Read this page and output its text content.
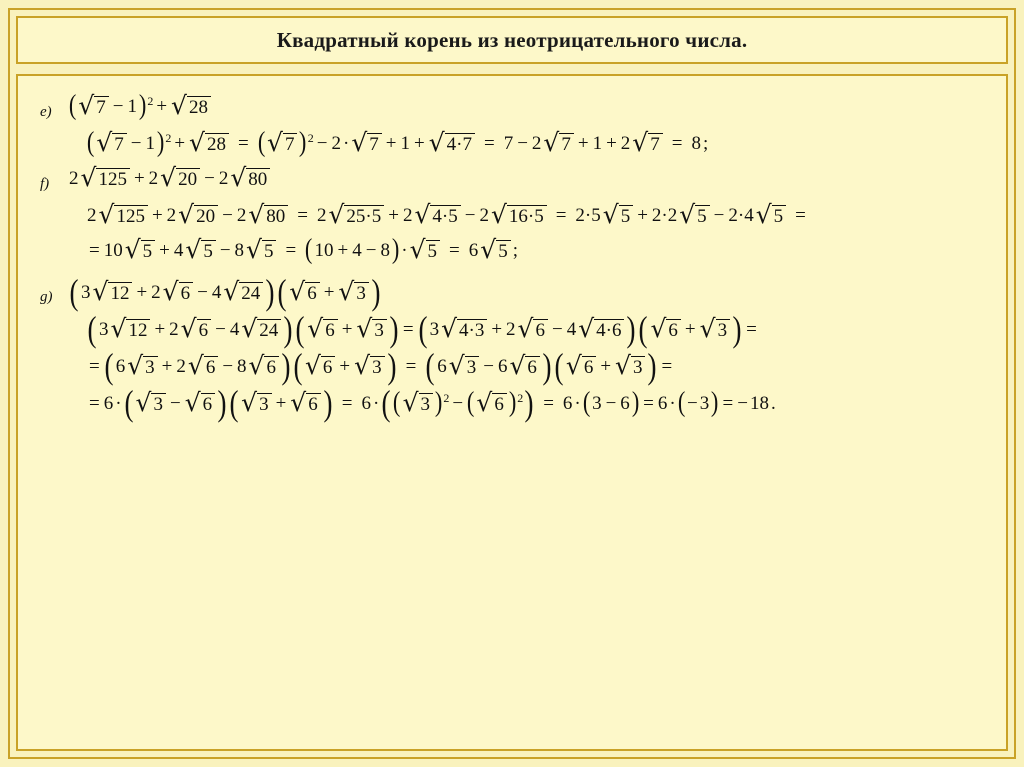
Квадратный корень из неотрицательного числа.
e) ( √ 7 − 1 ) 2 + √ 28
( √ 7 − 1 ) 2 + √ 28 = ( √ 7 ) 2 − 2 · √ 7 + 1 + √ 4·7 = 7 − 2 √ 7 + 1 + 2 √ 7 = 8 ;
f)	2 √ 125 + 2 √ 20 − 2 √ 80
2 √ 125 + 2 √ 20 − 2 √ 80 = 2 √ 25·5 + 2 √ 4·5 − 2 √ 16·5 = 2·5 √ 5 + 2·2 √ 5 − 2·4 √ 5 =
= 10 √ 5 + 4 √ 5 − 8 √ 5 = ( 10 + 4 − 8 ) · √ 5 = 6 √ 5 ;
g) ( 3 √ 12 + 2 √ 6 − 4 √ 24 ) ( √ 6 + √ 3 )
( 3 √ 12 + 2 √ 6 − 4 √ 24 ) ( √ 6 + √ 3 ) = ( 3 √ 4·3 + 2 √ 6 − 4 √ 4·6 ) ( √ 6 + √ 3 ) =
= ( 6 √ 3 + 2 √ 6 − 8 √ 6 ) ( √ 6 + √ 3 ) = ( 6 √ 3 − 6 √ 6 ) ( √ 6 + √ 3 ) =
= 6 · ( √ 3 − √ 6 ) ( √ 3 + √ 6 ) = 6 · ( ( √ 3 ) 2 − ( √ 6 ) 2 ) = 6 · ( 3 − 6 ) = 6 · ( − 3 ) = − 18 .
